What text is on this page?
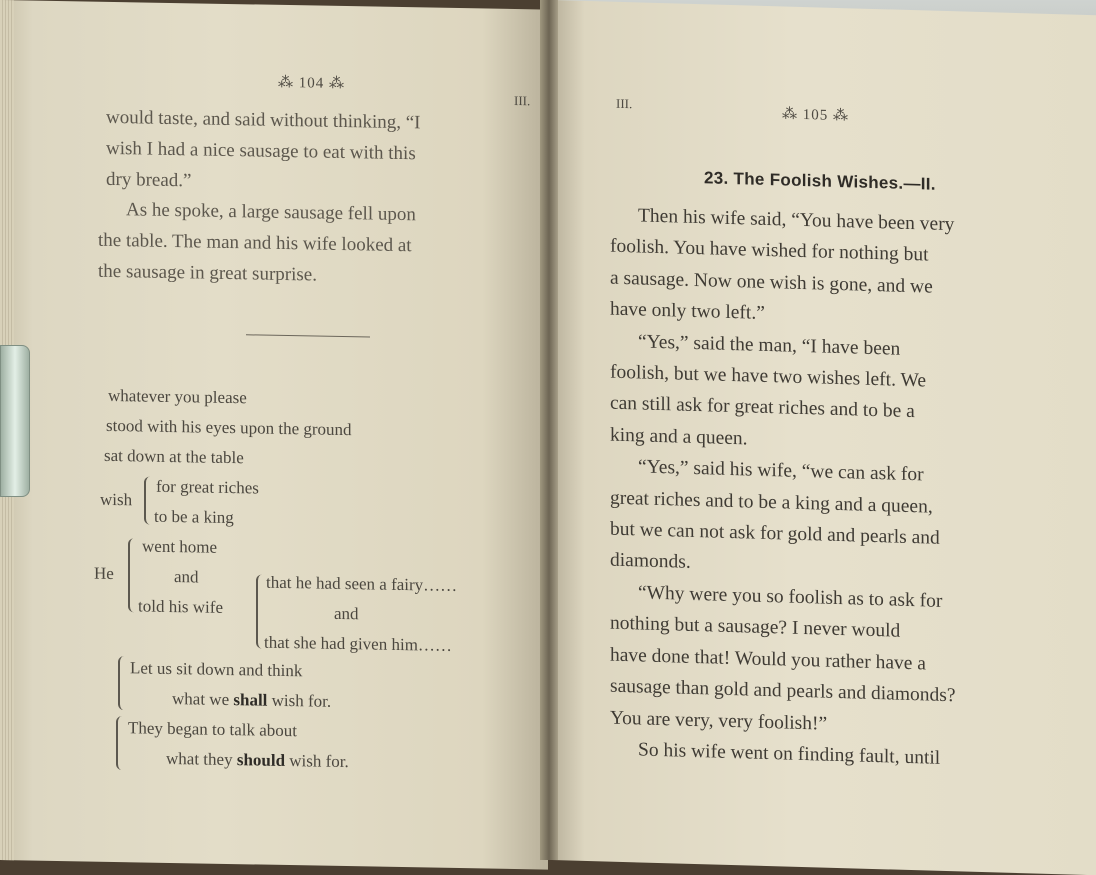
⁂ 104 ⁂
III.
would taste, and said without thinking, “I
wish I had a nice sausage to eat with this
dry bread.”
As he spoke, a large sausage fell upon
the table. The man and his wife looked at
the sausage in great surprise.
whatever you please
stood with his eyes upon the ground
sat down at the table
wish
for great riches
to be a king
He
went home
and
told his wife
that he had seen a fairy……
and
that she had given him……
Let us sit down and think
what we shall wish for.
They began to talk about
what they should wish for.
III.
⁂ 105 ⁂
23. The Foolish Wishes.—II.
Then his wife said, “You have been very
foolish. You have wished for nothing but
a sausage. Now one wish is gone, and we
have only two left.”
“Yes,” said the man, “I have been
foolish, but we have two wishes left. We
can still ask for great riches and to be a
king and a queen.
“Yes,” said his wife, “we can ask for
great riches and to be a king and a queen,
but we can not ask for gold and pearls and
diamonds.
“Why were you so foolish as to ask for
nothing but a sausage? I never would
have done that! Would you rather have a
sausage than gold and pearls and diamonds?
You are very, very foolish!”
So his wife went on finding fault, until
